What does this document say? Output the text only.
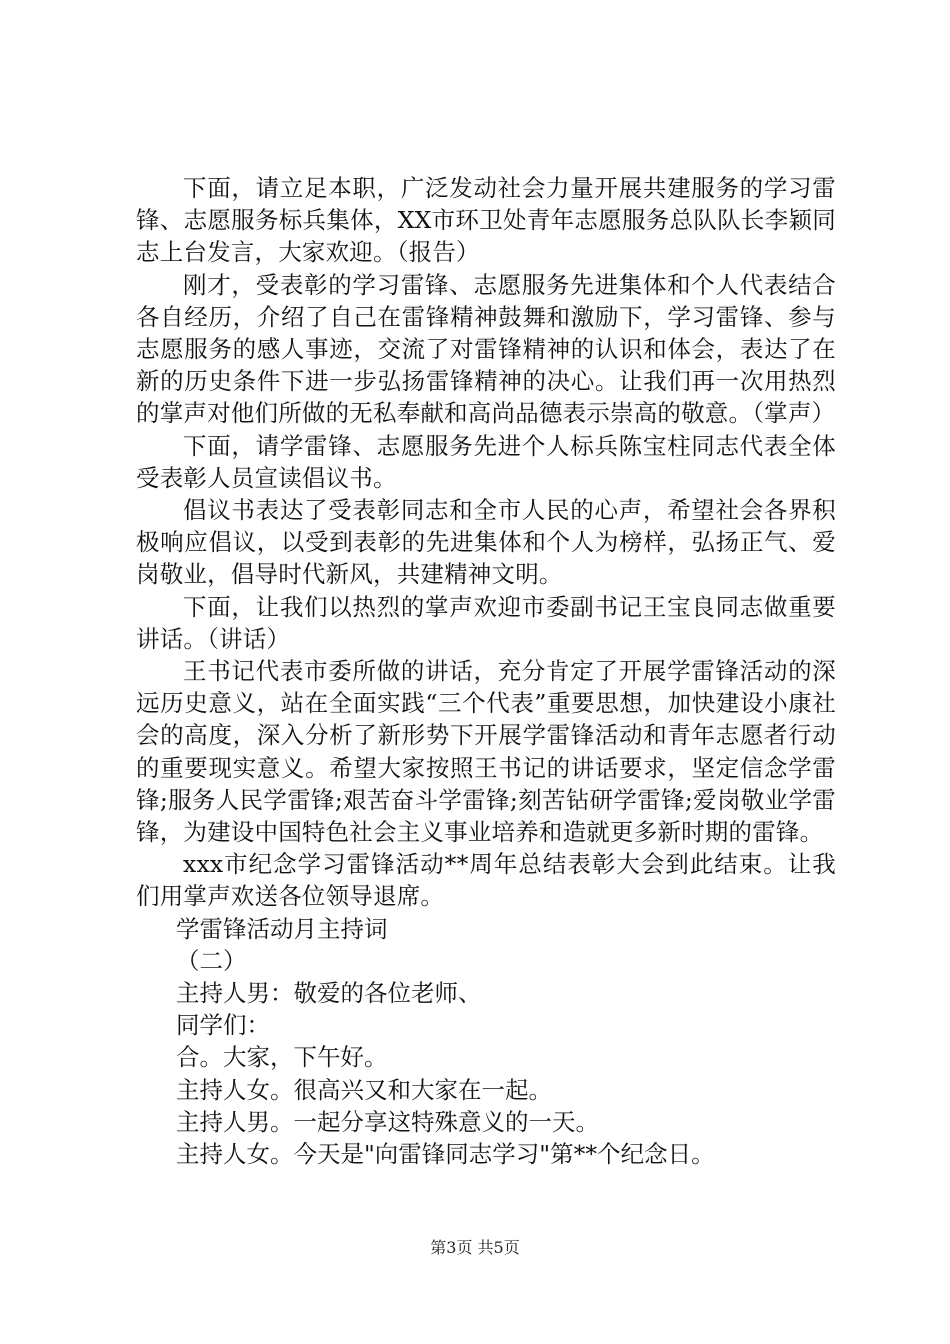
下面，请立足本职，广泛发动社会力量开展共建服务的学习雷锋、志愿服务标兵集体，XX市环卫处青年志愿服务总队队长李颖同志上台发言，大家欢迎。（报告）

刚才，受表彰的学习雷锋、志愿服务先进集体和个人代表结合各自经历，介绍了自己在雷锋精神鼓舞和激励下，学习雷锋、参与志愿服务的感人事迹，交流了对雷锋精神的认识和体会，表达了在新的历史条件下进一步弘扬雷锋精神的决心。让我们再一次用热烈的掌声对他们所做的无私奉献和高尚品德表示崇高的敬意。（掌声）

下面，请学雷锋、志愿服务先进个人标兵陈宝柱同志代表全体受表彰人员宣读倡议书。

倡议书表达了受表彰同志和全市人民的心声，希望社会各界积极响应倡议，以受到表彰的先进集体和个人为榜样，弘扬正气、爱岗敬业，倡导时代新风，共建精神文明。

下面，让我们以热烈的掌声欢迎市委副书记王宝良同志做重要讲话。（讲话）

王书记代表市委所做的讲话，充分肯定了开展学雷锋活动的深远历史意义，站在全面实践“三个代表”重要思想，加快建设小康社会的高度，深入分析了新形势下开展学雷锋活动和青年志愿者行动的重要现实意义。希望大家按照王书记的讲话要求，坚定信念学雷锋;服务人民学雷锋;艰苦奋斗学雷锋;刻苦钻研学雷锋;爱岗敬业学雷锋，为建设中国特色社会主义事业培养和造就更多新时期的雷锋。

xxx市纪念学习雷锋活动**周年总结表彰大会到此结束。让我们用掌声欢送各位领导退席。

学雷锋活动月主持词

（二）

主持人男：敬爱的各位老师、

同学们：

合。大家，下午好。

主持人女。很高兴又和大家在一起。

主持人男。一起分享这特殊意义的一天。

主持人女。今天是"向雷锋同志学习"第**个纪念日。

第3页 共5页
